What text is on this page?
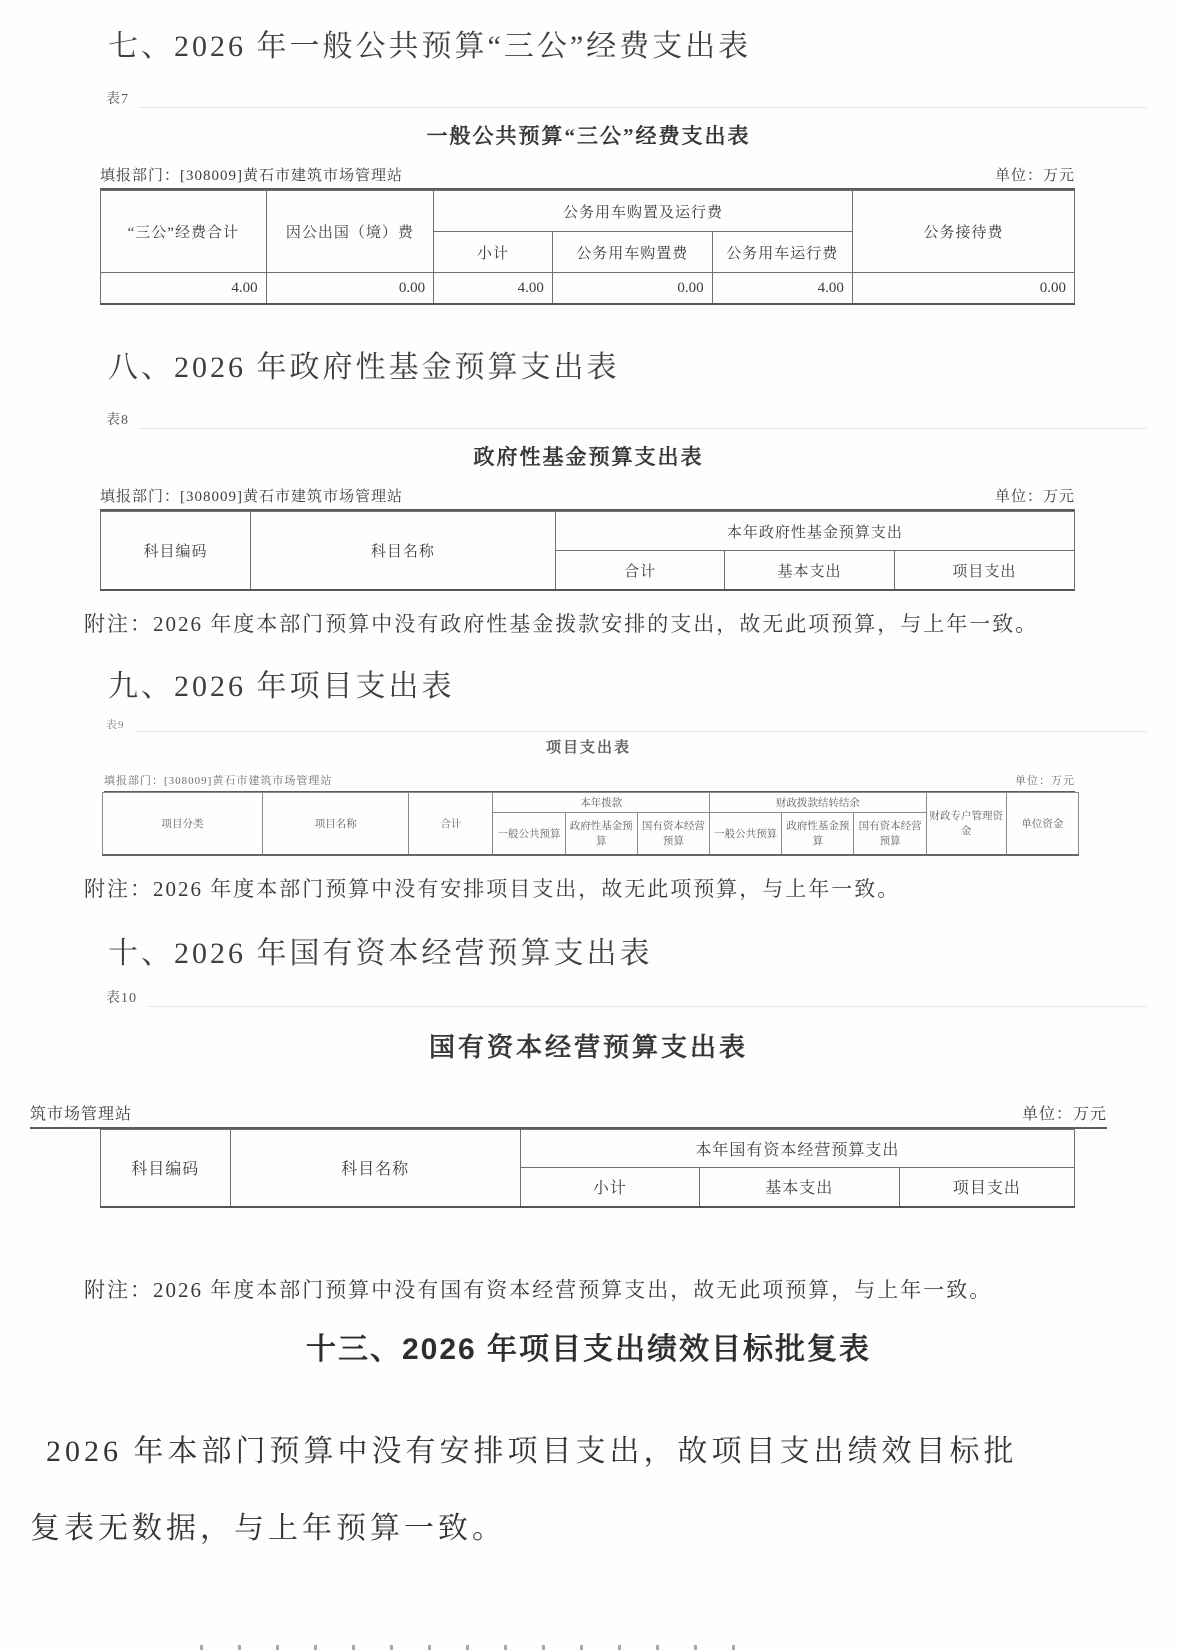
七、2026 年一般公共预算“三公”经费支出表
表7
一般公共预算“三公”经费支出表
填报部门：[308009]黄石市建筑市场管理站	单位：万元
“三公”经费合计	因公出国（境）费	公务用车购置及运行费			公务接待费
		小计	公务用车购置费	公务用车运行费	
4.00	0.00	4.00	0.00	4.00	0.00
八、2026 年政府性基金预算支出表
表8
政府性基金预算支出表
填报部门：[308009]黄石市建筑市场管理站	单位：万元
科目编码	科目名称	本年政府性基金预算支出		
		合计	基本支出	项目支出
附注：2026 年度本部门预算中没有政府性基金拨款安排的支出，故无此项预算，与上年一致。
九、2026 年项目支出表
表9
项目支出表
填报部门：[308009]黄石市建筑市场管理站	单位：万元
项目分类	项目名称	合计	本年拨款			财政拨款结转结余			财政专户管理资金	单位资金
			一般公共预算	政府性基金预算	国有资本经营预算	一般公共预算	政府性基金预算	国有资本经营预算		
附注：2026 年度本部门预算中没有安排项目支出，故无此项预算，与上年一致。
十、2026 年国有资本经营预算支出表
表10
国有资本经营预算支出表
筑市场管理站	单位：万元
科目编码	科目名称	本年国有资本经营预算支出		
		小计	基本支出	项目支出
附注：2026 年度本部门预算中没有国有资本经营预算支出，故无此项预算，与上年一致。
十三、2026 年项目支出绩效目标批复表
2026 年本部门预算中没有安排项目支出，故项目支出绩效目标批复表无数据，与上年预算一致。
